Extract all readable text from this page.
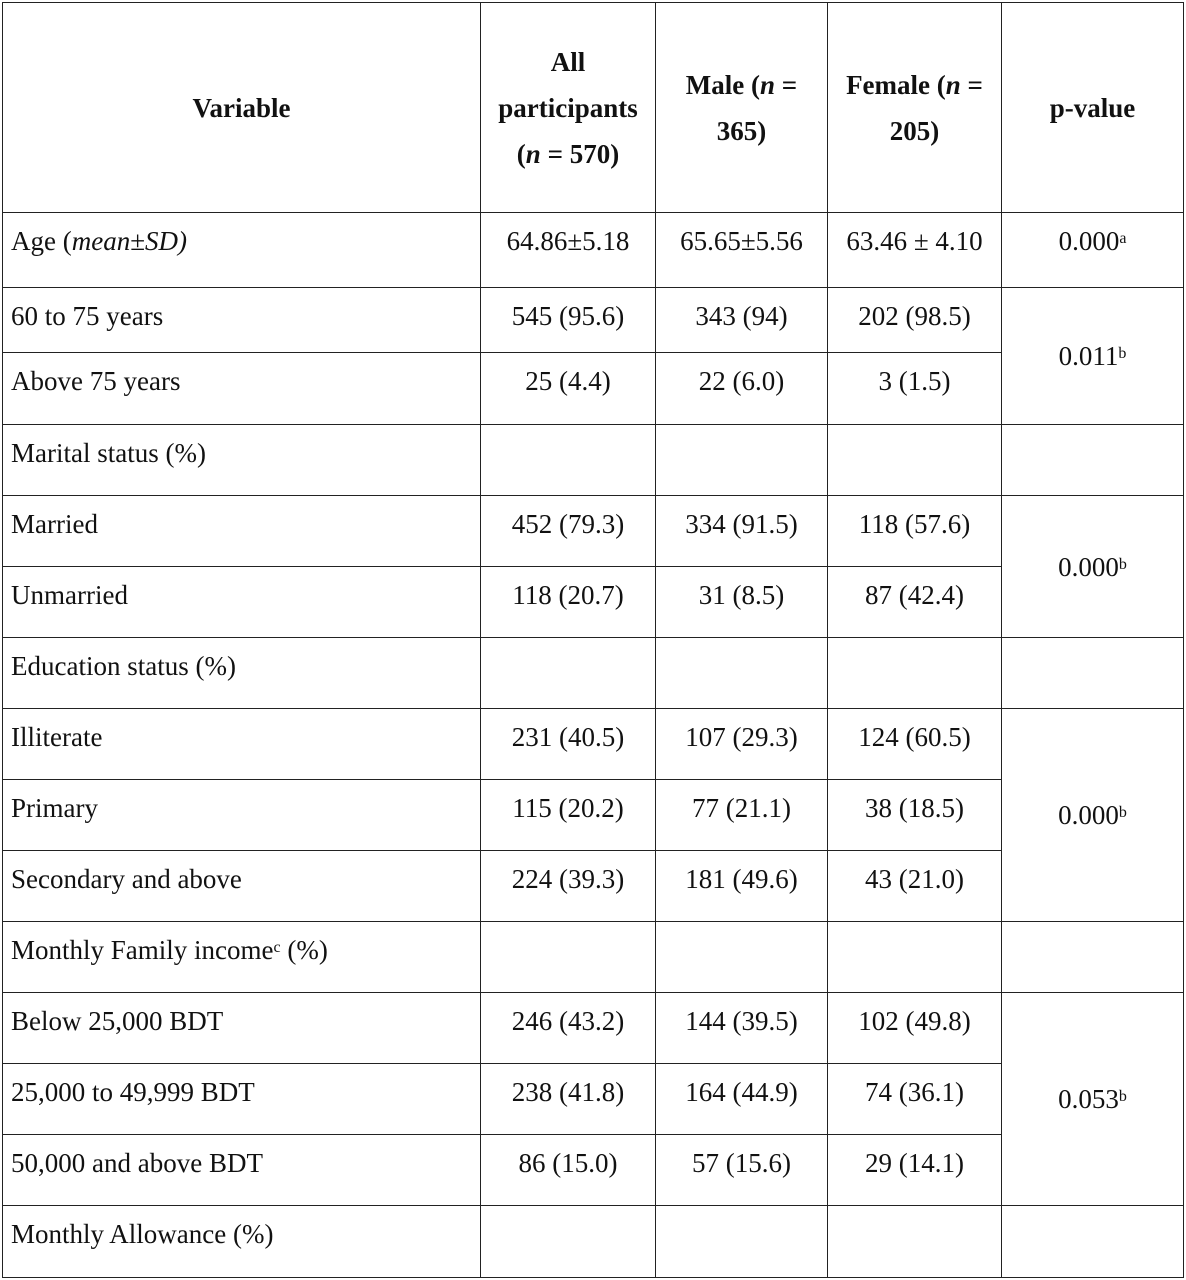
Variable	All participants (n = 570)	Male (n = 365)	Female (n = 205)	p-value
Age (mean±SD)	64.86±5.18	65.65±5.56	63.46 ± 4.10	0.000$^a$
60 to 75 years	545 (95.6)	343 (94)	202 (98.5)	0.011$^b$
Above 75 years	25 (4.4)	22 (6.0)	3 (1.5)	
Marital status (%)				
Married	452 (79.3)	334 (91.5)	118 (57.6)	0.000$^b$
Unmarried	118 (20.7)	31 (8.5)	87 (42.4)	
Education status (%)				
Illiterate	231 (40.5)	107 (29.3)	124 (60.5)	0.000$^b$
Primary	115 (20.2)	77 (21.1)	38 (18.5)	
Secondary and above	224 (39.3)	181 (49.6)	43 (21.0)	
Monthly Family income$^c$ (%)				
Below 25,000 BDT	246 (43.2)	144 (39.5)	102 (49.8)	0.053$^b$
25,000 to 49,999 BDT	238 (41.8)	164 (44.9)	74 (36.1)	
50,000 and above BDT	86 (15.0)	57 (15.6)	29 (14.1)	
Monthly Allowance (%)				
